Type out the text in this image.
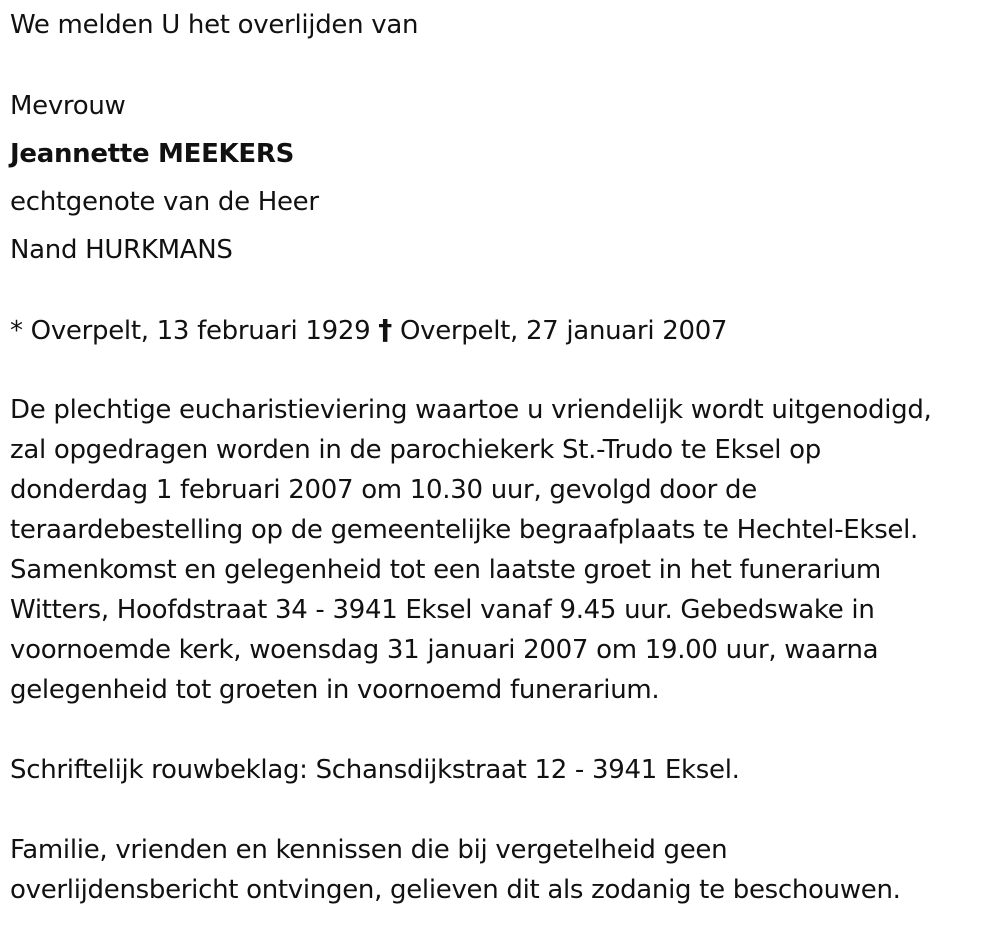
We melden U het overlijden van
Mevrouw
Jeannette MEEKERS
echtgenote van de Heer
Nand HURKMANS
* Overpelt, 13 februari 1929 † Overpelt, 27 januari 2007
De plechtige eucharistieviering waartoe u vriendelijk wordt uitgenodigd,
zal opgedragen worden in de parochiekerk St.-Trudo te Eksel op
donderdag 1 februari 2007 om 10.30 uur, gevolgd door de
teraardebestelling op de gemeentelijke begraafplaats te Hechtel-Eksel.
Samenkomst en gelegenheid tot een laatste groet in het funerarium
Witters, Hoofdstraat 34 - 3941 Eksel vanaf 9.45 uur. Gebedswake in
voornoemde kerk, woensdag 31 januari 2007 om 19.00 uur, waarna
gelegenheid tot groeten in voornoemd funerarium.
Schriftelijk rouwbeklag: Schansdijkstraat 12 - 3941 Eksel.
Familie, vrienden en kennissen die bij vergetelheid geen
overlijdensbericht ontvingen, gelieven dit als zodanig te beschouwen.
